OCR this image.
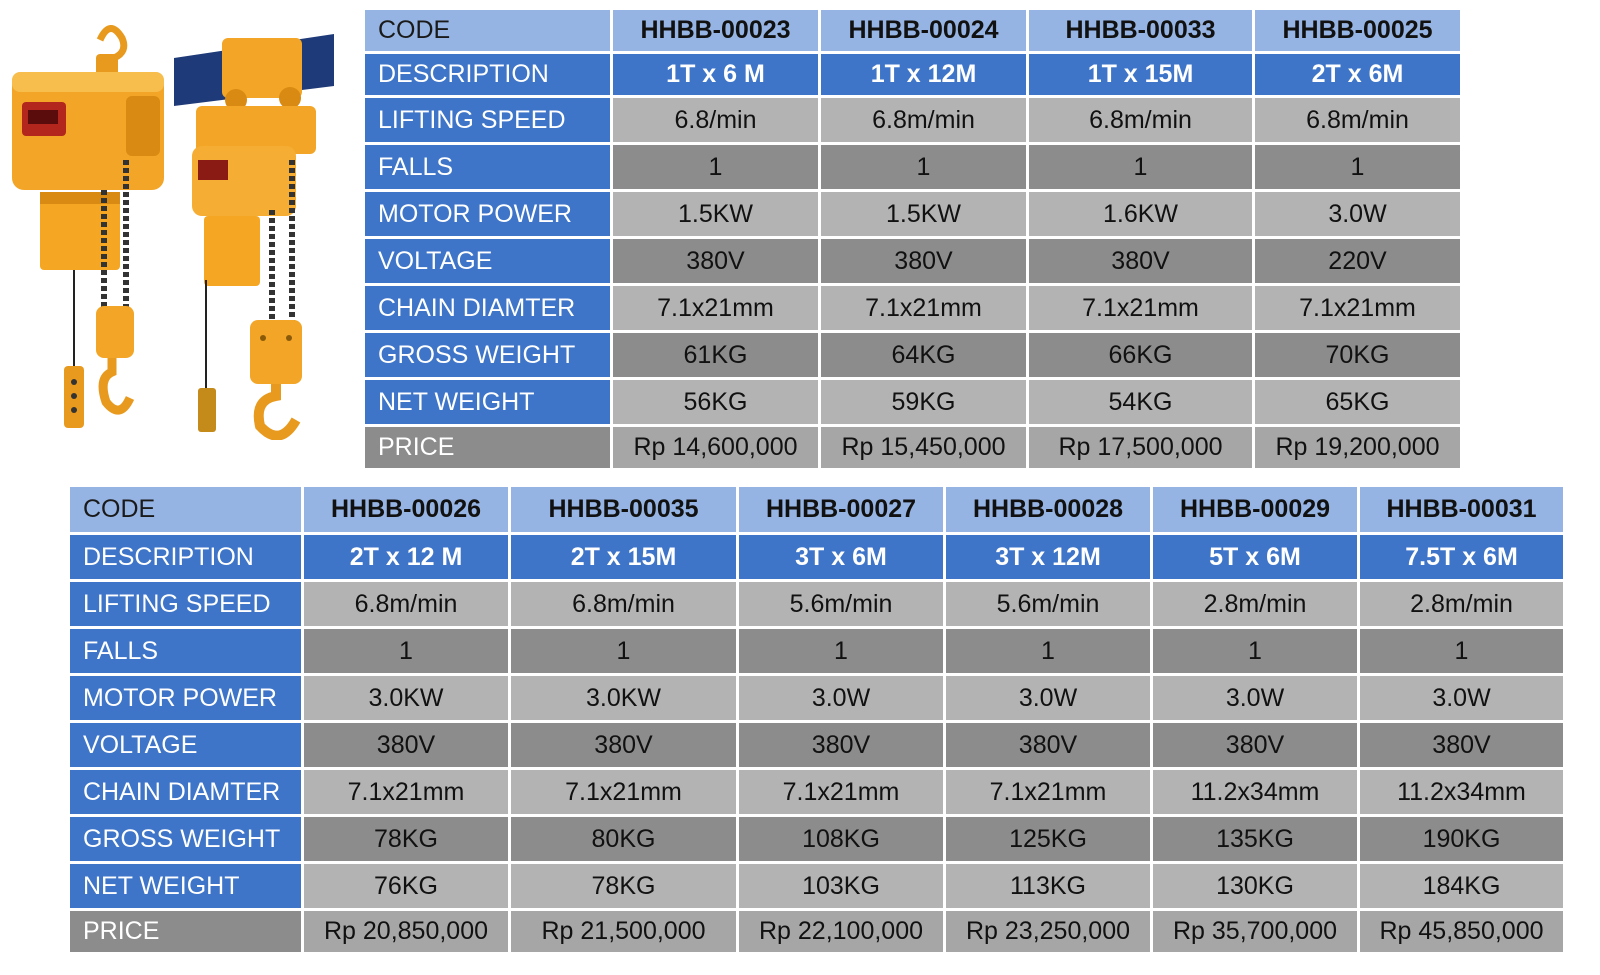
CODE	HHBB-00023	HHBB-00024	HHBB-00033	HHBB-00025
DESCRIPTION	1T x 6 M	1T x 12M	1T x 15M	2T x 6M
LIFTING SPEED	6.8/min	6.8m/min	6.8m/min	6.8m/min
FALLS	1	1	1	1
MOTOR POWER	1.5KW	1.5KW	1.6KW	3.0W
VOLTAGE	380V	380V	380V	220V
CHAIN DIAMTER	7.1x21mm	7.1x21mm	7.1x21mm	7.1x21mm
GROSS WEIGHT	61KG	64KG	66KG	70KG
NET WEIGHT	56KG	59KG	54KG	65KG
PRICE	Rp 14,600,000	Rp 15,450,000	Rp 17,500,000	Rp 19,200,000
CODE	HHBB-00026	HHBB-00035	HHBB-00027	HHBB-00028	HHBB-00029	HHBB-00031
DESCRIPTION	2T x 12 M	2T x 15M	3T x 6M	3T x 12M	5T x 6M	7.5T x 6M
LIFTING SPEED	6.8m/min	6.8m/min	5.6m/min	5.6m/min	2.8m/min	2.8m/min
FALLS	1	1	1	1	1	1
MOTOR POWER	3.0KW	3.0KW	3.0W	3.0W	3.0W	3.0W
VOLTAGE	380V	380V	380V	380V	380V	380V
CHAIN DIAMTER	7.1x21mm	7.1x21mm	7.1x21mm	7.1x21mm	11.2x34mm	11.2x34mm
GROSS WEIGHT	78KG	80KG	108KG	125KG	135KG	190KG
NET WEIGHT	76KG	78KG	103KG	113KG	130KG	184KG
PRICE	Rp 20,850,000	Rp 21,500,000	Rp 22,100,000	Rp 23,250,000	Rp 35,700,000	Rp 45,850,000
